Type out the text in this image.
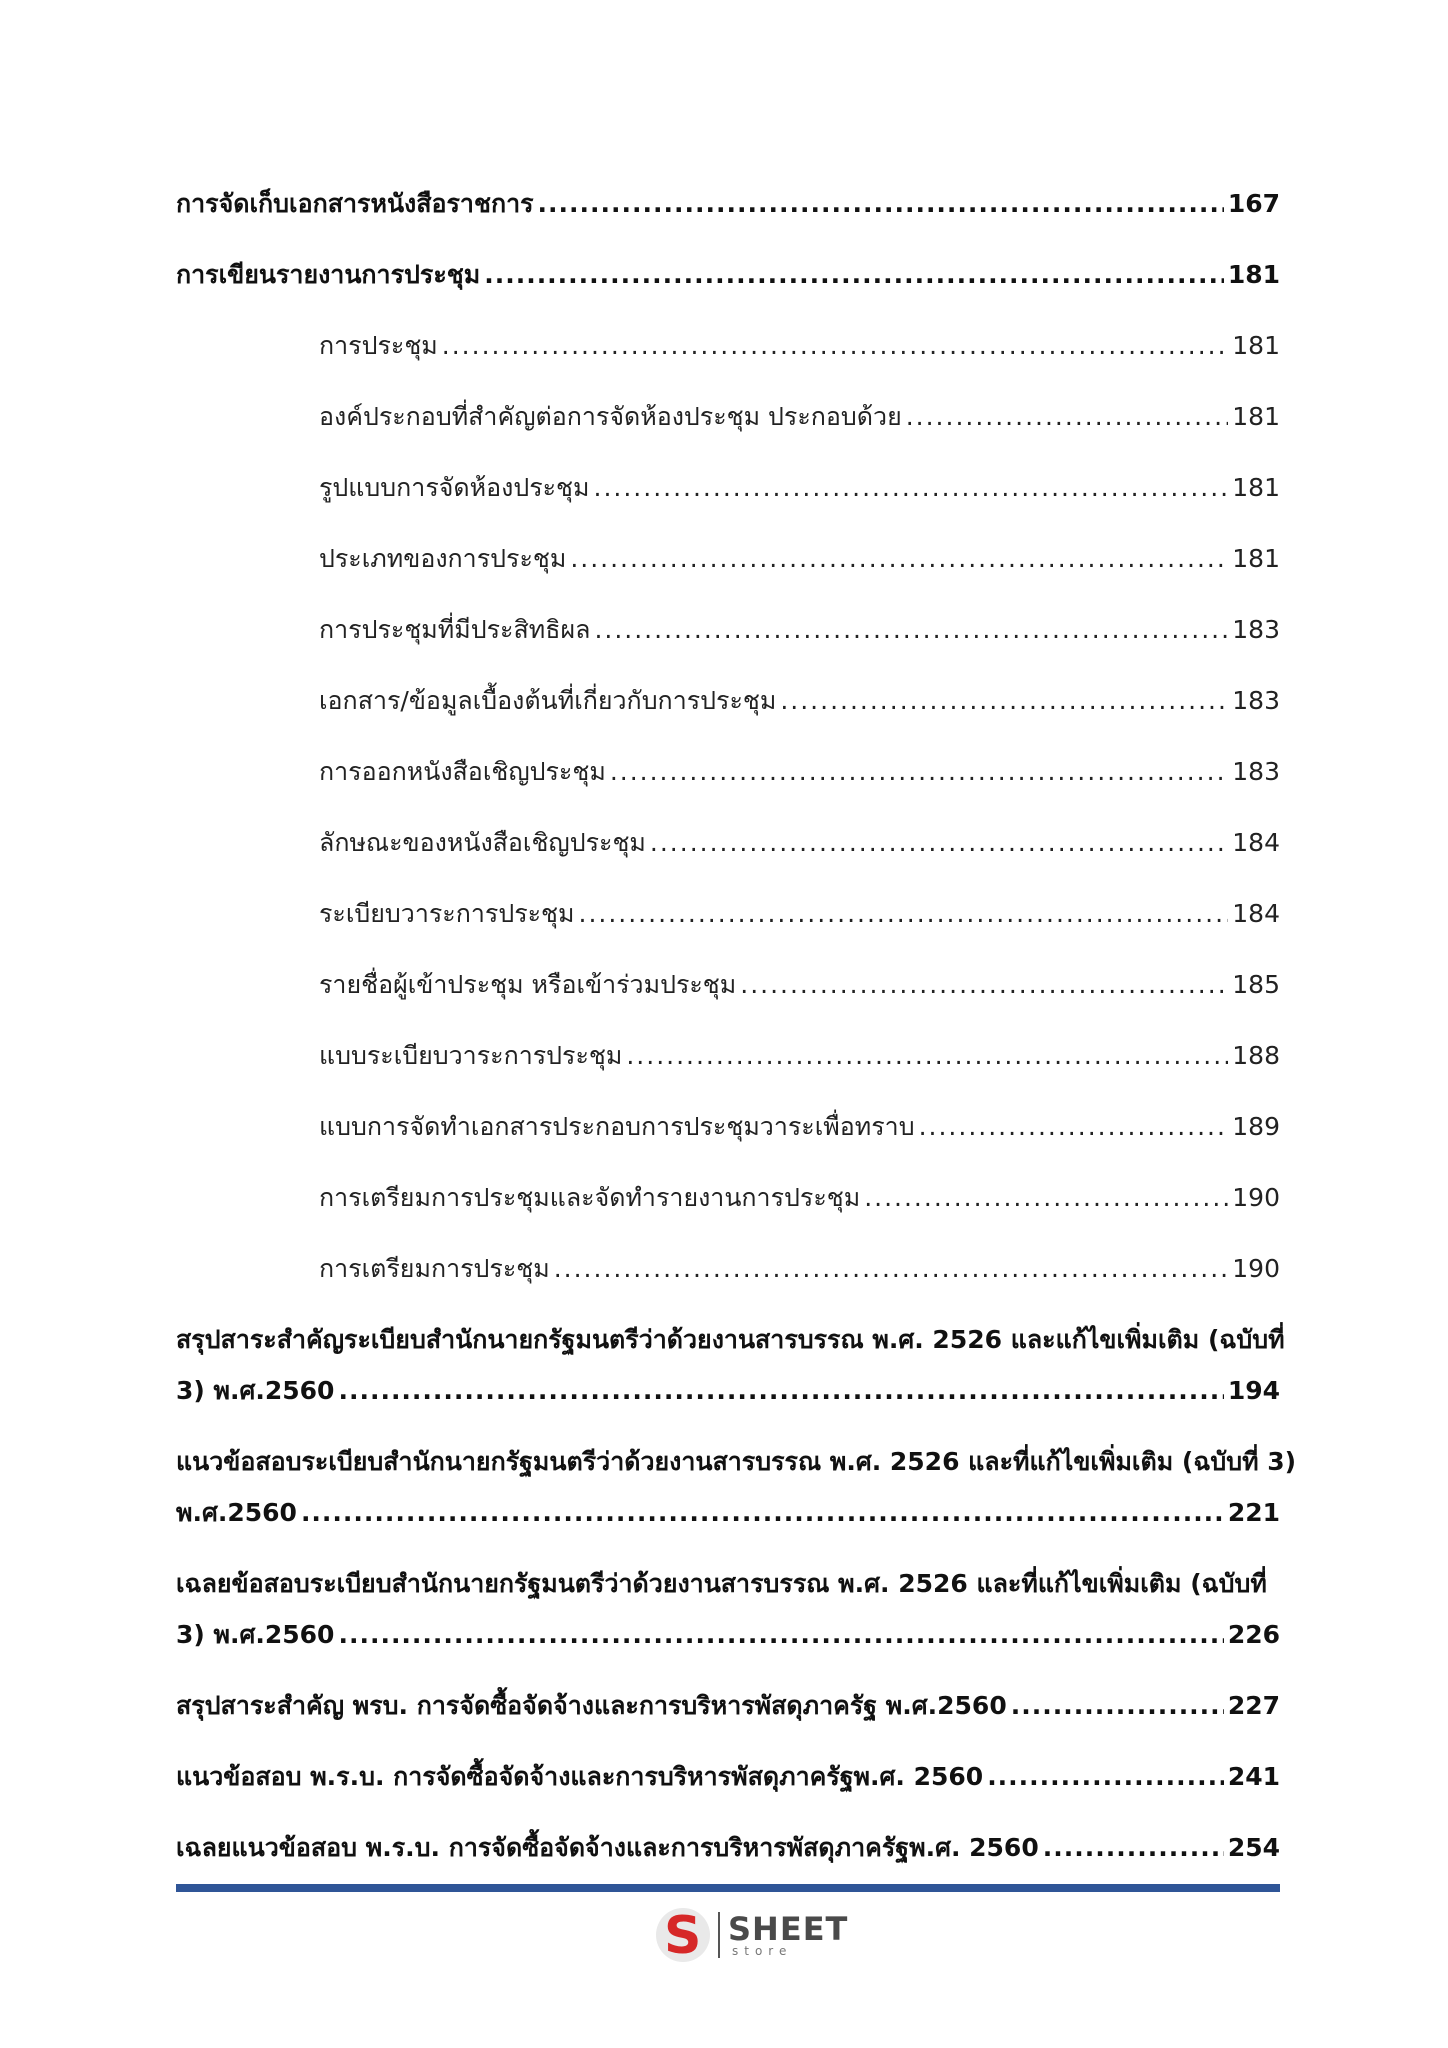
การจัดเก็บเอกสารหนังสือราชการ .....	167
การเขียนรายงานการประชุม .....	181
การประชุม .....	181
องค์ประกอบที่สำคัญต่อการจัดห้องประชุม ประกอบด้วย .....	181
รูปแบบการจัดห้องประชุม .....	181
ประเภทของการประชุม .....	181
การประชุมที่มีประสิทธิผล .....	183
เอกสาร/ข้อมูลเบื้องต้นที่เกี่ยวกับการประชุม .....	183
การออกหนังสือเชิญประชุม .....	183
ลักษณะของหนังสือเชิญประชุม .....	184
ระเบียบวาระการประชุม .....	184
รายชื่อผู้เข้าประชุม หรือเข้าร่วมประชุม .....	185
แบบระเบียบวาระการประชุม .....	188
แบบการจัดทำเอกสารประกอบการประชุมวาระเพื่อทราบ .....	189
การเตรียมการประชุมและจัดทำรายงานการประชุม .....	190
การเตรียมการประชุม .....	190
สรุปสาระสำคัญระเบียบสำนักนายกรัฐมนตรีว่าด้วยงานสารบรรณ พ.ศ. 2526 และแก้ไขเพิ่มเติม (ฉบับที่
3) พ.ศ.2560 .....	194
แนวข้อสอบระเบียบสำนักนายกรัฐมนตรีว่าด้วยงานสารบรรณ พ.ศ. 2526 และที่แก้ไขเพิ่มเติม (ฉบับที่ 3)
พ.ศ.2560 .....	221
เฉลยข้อสอบระเบียบสำนักนายกรัฐมนตรีว่าด้วยงานสารบรรณ พ.ศ. 2526 และที่แก้ไขเพิ่มเติม (ฉบับที่
3) พ.ศ.2560 .....	226
สรุปสาระสำคัญ พรบ. การจัดซื้อจัดจ้างและการบริหารพัสดุภาครัฐ พ.ศ.2560 .....	227
แนวข้อสอบ พ.ร.บ. การจัดซื้อจัดจ้างและการบริหารพัสดุภาครัฐพ.ศ. 2560 .....	241
เฉลยแนวข้อสอบ พ.ร.บ. การจัดซื้อจัดจ้างและการบริหารพัสดุภาครัฐพ.ศ. 2560 .....	254
S SHEET
store
